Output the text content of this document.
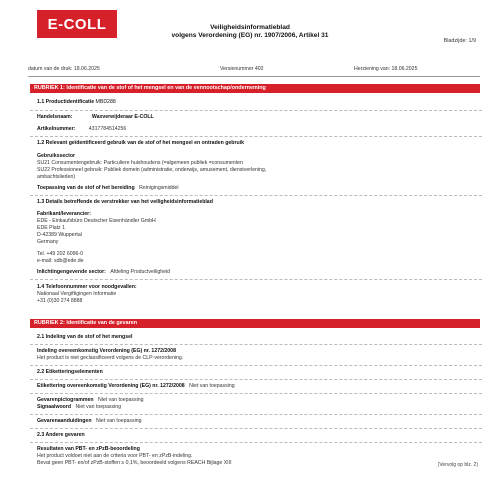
E-COLL	Veiligheidsinformatieblad
volgens Verordening (EG) nr. 1907/2006, Artikel 31
Bladzijde: 1/9
datum van de druk: 18.06.2025	Versienummer 402	Herziening van: 18.06.2025
RUBRIEK 1: Identificatie van de stof of het mengsel en van de vennootschap/onderneming
1.1 Productidentificatie MBD288
Handelsnaam:	Waxverwijderaar E-COLL
Artikelnummer:	4317784514256
1.2 Relevant geïdentificeerd gebruik van de stof of het mengsel en ontraden gebruik
Gebruikssector
SU21 Consumentengebruik: Particuliere huishoudens (=algemeen publiek =consumenten
SU22 Professioneel gebruik: Publiek domein (administratie, onderwijs, amusement, dienstverlening,
ambachtslieden)
Toepassing van de stof of het bereiding Reinigingsmiddel
1.3 Details betreffende de verstrekker van het veiligheidsinformatieblad
Fabrikant/leverancier:
EDE - Einkaufsbüro Deutscher Eisenhändler GmbH
EDE Platz 1
D-42389 Wuppertal
Germany
Tel. +49 202 6096-0
e-mail: sdb@ede.de
Inlichtingengevende sector: Afdeling Productveiligheid
1.4 Telefoonnummer voor noodgevallen:
Nationaal Vergiftigingen Informatie
+31 (0)30 274 8888
RUBRIEK 2: Identificatie van de gevaren
2.1 Indeling van de stof of het mengsel
Indeling overeenkomstig Verordening (EG) nr. 1272/2008
Het product is niet geclassificeerd volgens de CLP-verordening.
2.2 Etiketteringselementen
Etikettering overeenkomstig Verordening (EG) nr. 1272/2008 Niet van toepassing
Gevarenpictogrammen Niet van toepassing
Signaalwoord Niet van toepassing
Gevarenaanduidingen Niet van toepassing
2.3 Andere gevaren
Resultaten van PBT- en zPzB-beoordeling
Het product voldoet niet aan de criteria voor PBT- en zPzB-indeling.
Bevat geen PBT- en/of zPzB-stoffen ≥ 0,1%, beoordeeld volgens REACH Bijlage XIII	(Vervolg op blz. 2)
